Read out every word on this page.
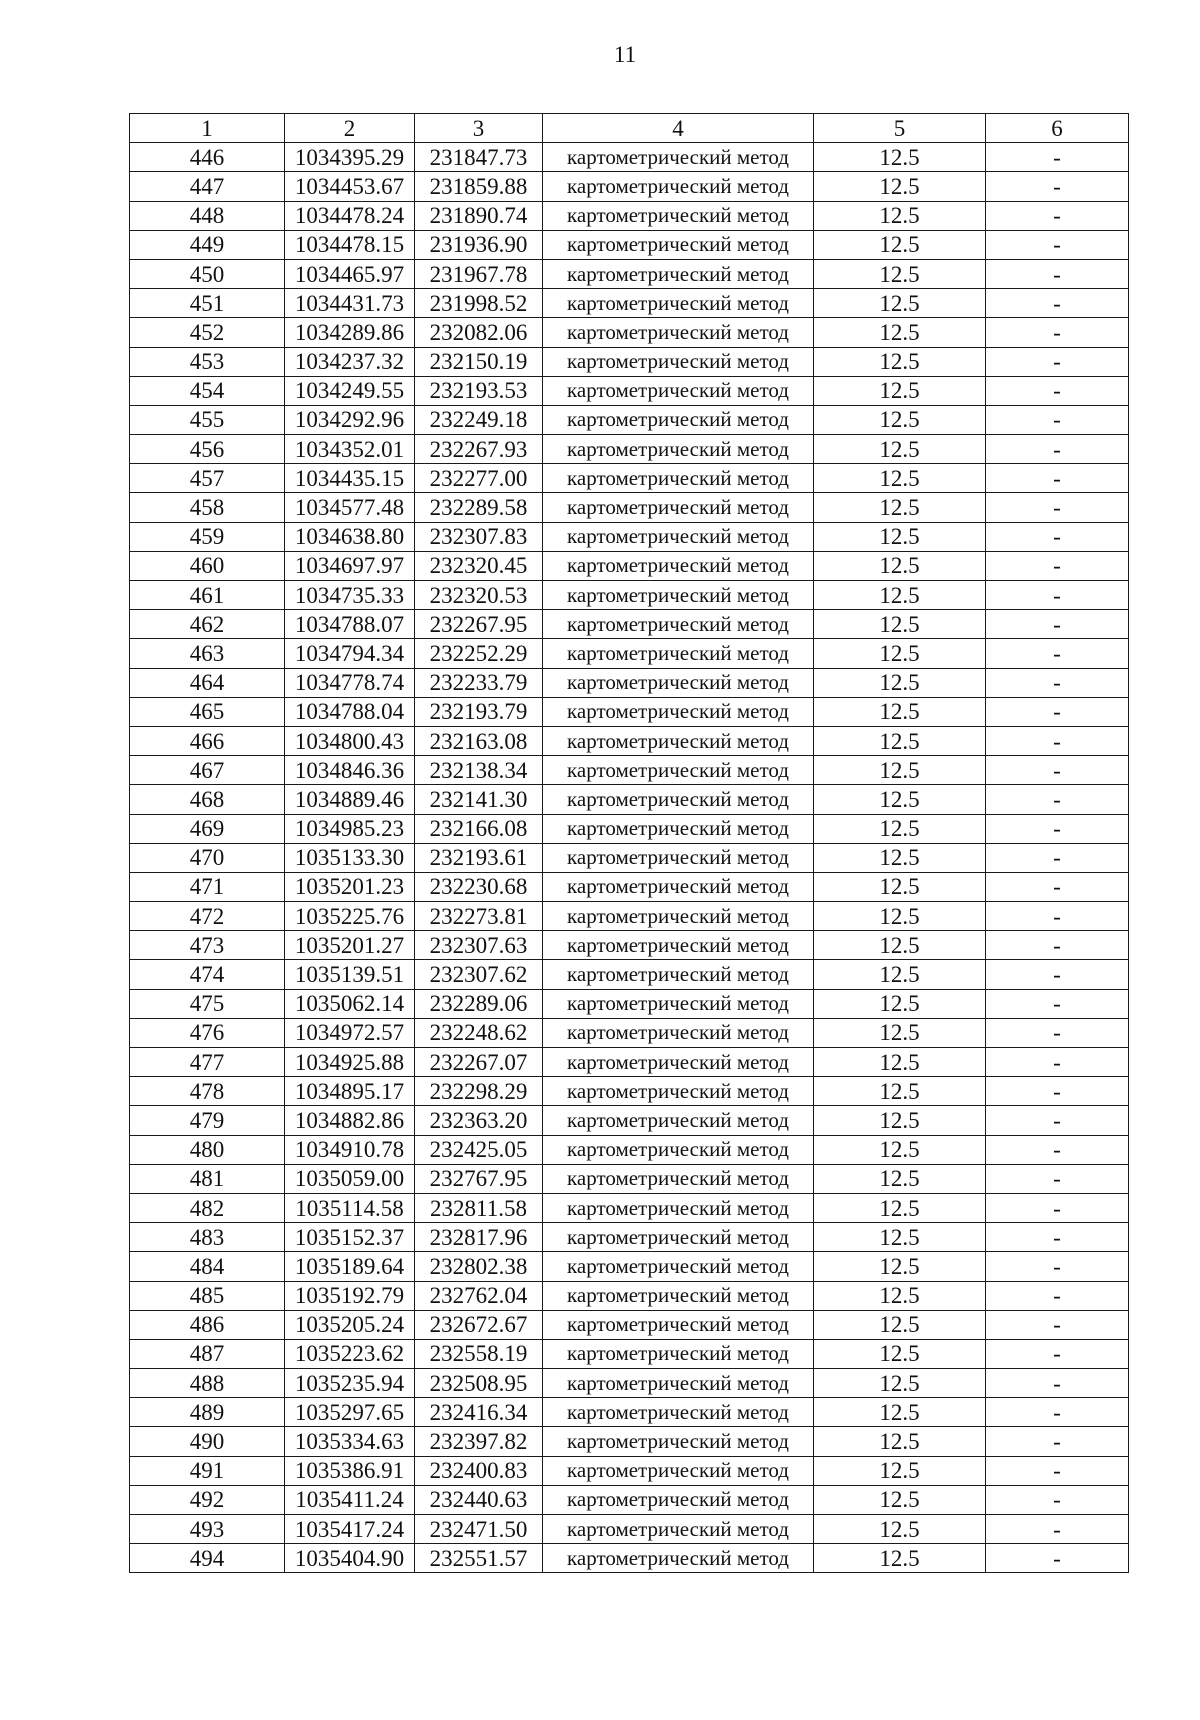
11
1	2	3	4	5	6
446	1034395.29	231847.73	картометрический метод	12.5	-
447	1034453.67	231859.88	картометрический метод	12.5	-
448	1034478.24	231890.74	картометрический метод	12.5	-
449	1034478.15	231936.90	картометрический метод	12.5	-
450	1034465.97	231967.78	картометрический метод	12.5	-
451	1034431.73	231998.52	картометрический метод	12.5	-
452	1034289.86	232082.06	картометрический метод	12.5	-
453	1034237.32	232150.19	картометрический метод	12.5	-
454	1034249.55	232193.53	картометрический метод	12.5	-
455	1034292.96	232249.18	картометрический метод	12.5	-
456	1034352.01	232267.93	картометрический метод	12.5	-
457	1034435.15	232277.00	картометрический метод	12.5	-
458	1034577.48	232289.58	картометрический метод	12.5	-
459	1034638.80	232307.83	картометрический метод	12.5	-
460	1034697.97	232320.45	картометрический метод	12.5	-
461	1034735.33	232320.53	картометрический метод	12.5	-
462	1034788.07	232267.95	картометрический метод	12.5	-
463	1034794.34	232252.29	картометрический метод	12.5	-
464	1034778.74	232233.79	картометрический метод	12.5	-
465	1034788.04	232193.79	картометрический метод	12.5	-
466	1034800.43	232163.08	картометрический метод	12.5	-
467	1034846.36	232138.34	картометрический метод	12.5	-
468	1034889.46	232141.30	картометрический метод	12.5	-
469	1034985.23	232166.08	картометрический метод	12.5	-
470	1035133.30	232193.61	картометрический метод	12.5	-
471	1035201.23	232230.68	картометрический метод	12.5	-
472	1035225.76	232273.81	картометрический метод	12.5	-
473	1035201.27	232307.63	картометрический метод	12.5	-
474	1035139.51	232307.62	картометрический метод	12.5	-
475	1035062.14	232289.06	картометрический метод	12.5	-
476	1034972.57	232248.62	картометрический метод	12.5	-
477	1034925.88	232267.07	картометрический метод	12.5	-
478	1034895.17	232298.29	картометрический метод	12.5	-
479	1034882.86	232363.20	картометрический метод	12.5	-
480	1034910.78	232425.05	картометрический метод	12.5	-
481	1035059.00	232767.95	картометрический метод	12.5	-
482	1035114.58	232811.58	картометрический метод	12.5	-
483	1035152.37	232817.96	картометрический метод	12.5	-
484	1035189.64	232802.38	картометрический метод	12.5	-
485	1035192.79	232762.04	картометрический метод	12.5	-
486	1035205.24	232672.67	картометрический метод	12.5	-
487	1035223.62	232558.19	картометрический метод	12.5	-
488	1035235.94	232508.95	картометрический метод	12.5	-
489	1035297.65	232416.34	картометрический метод	12.5	-
490	1035334.63	232397.82	картометрический метод	12.5	-
491	1035386.91	232400.83	картометрический метод	12.5	-
492	1035411.24	232440.63	картометрический метод	12.5	-
493	1035417.24	232471.50	картометрический метод	12.5	-
494	1035404.90	232551.57	картометрический метод	12.5	-
